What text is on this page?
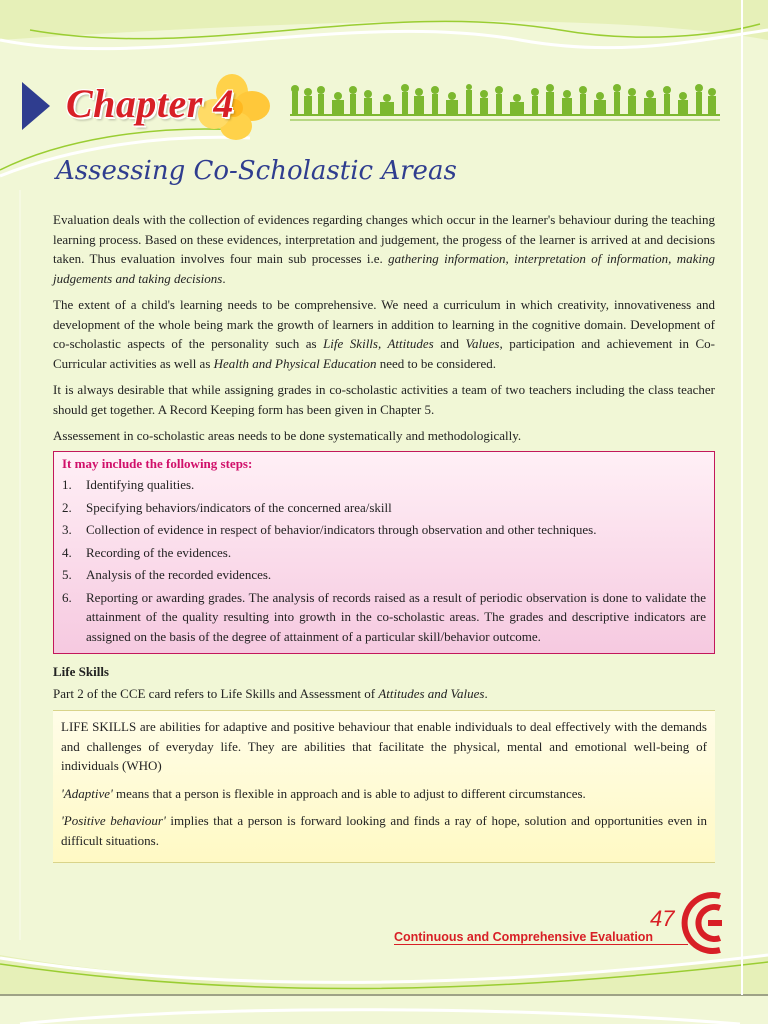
Chapter 4
Assessing Co-Scholastic Areas

Evaluation deals with the collection of evidences regarding changes which occur in the learner's behaviour during the teaching learning process. Based on these evidences, interpretation and judgement, the progess of the learner is arrived at and decisions taken. Thus evaluation involves four main sub processes i.e. gathering information, interpretation of information, making judgements and taking decisions.

The extent of a child's learning needs to be comprehensive. We need a curriculum in which creativity, innovativeness and development of the whole being mark the growth of learners in addition to learning in the cognitive domain. Development of co-scholastic aspects of the personality such as Life Skills, Attitudes and Values, participation and achievement in Co-Curricular activities as well as Health and Physical Education need to be considered.

It is always desirable that while assigning grades in co-scholastic activities a team of two teachers including the class teacher should get together. A Record Keeping form has been given in Chapter 5.

Assessement in co-scholastic areas needs to be done systematically and methodologically.

It may include the following steps:
1.	Identifying qualities.
2.	Specifying behaviors/indicators of the concerned area/skill
3.	Collection of evidence in respect of behavior/indicators through observation and other techniques.
4.	Recording of the evidences.
5.	Analysis of the recorded evidences.
6.	Reporting or awarding grades. The analysis of records raised as a result of periodic observation is done to validate the attainment of the quality resulting into growth in the co-scholastic areas. The grades and descriptive indicators are assigned on the basis of the degree of attainment of a particular skill/behavior outcome.
Life Skills

Part 2 of the CCE card refers to Life Skills and Assessment of Attitudes and Values.

LIFE SKILLS are abilities for adaptive and positive behaviour that enable individuals to deal effectively with the demands and challenges of everyday life. They are abilities that facilitate the physical, mental and emotional well-being of individuals (WHO)

'Adaptive' means that a person is flexible in approach and is able to adjust to different circumstances.

'Positive behaviour' implies that a person is forward looking and finds a ray of hope, solution and opportunities even in difficult situations.

47
Continuous and Comprehensive Evaluation
